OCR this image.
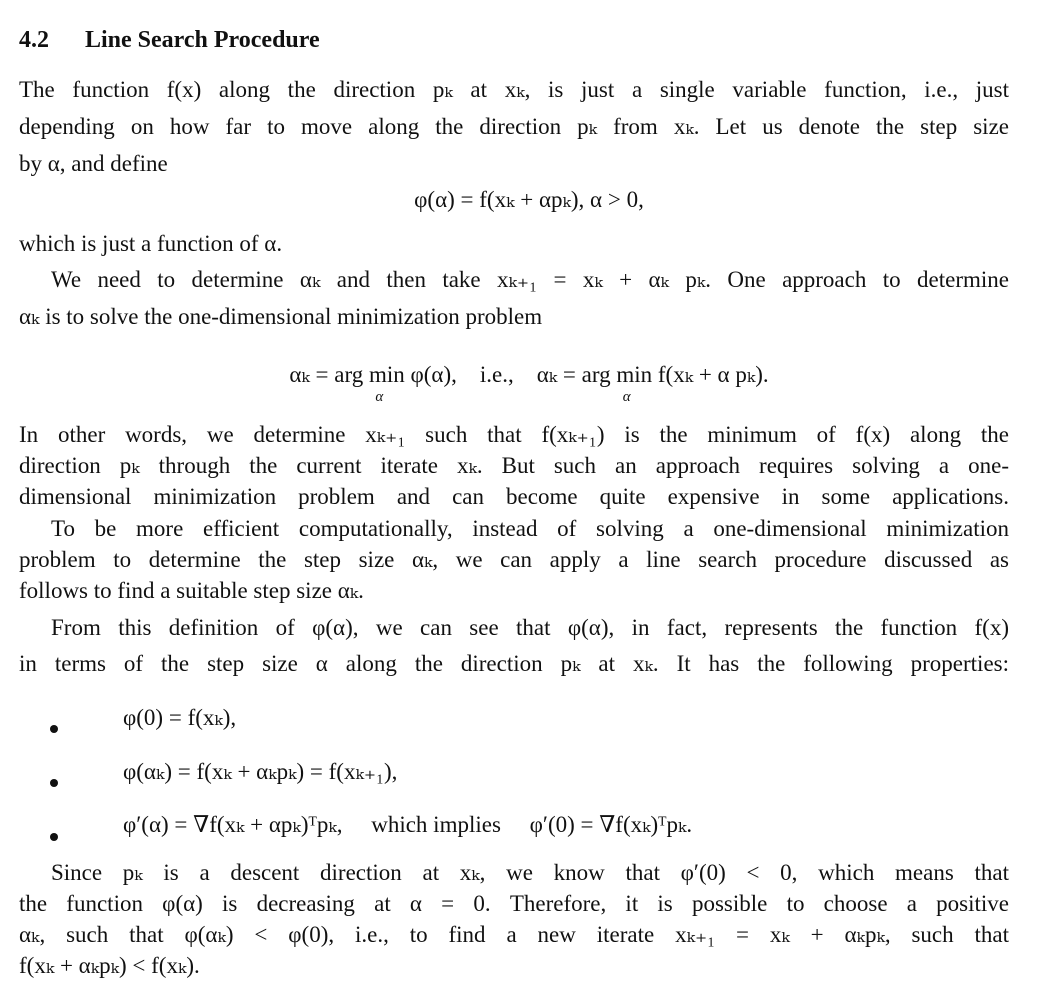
4.2 Line Search Procedure
The function f(x) along the direction pₖ at xₖ, is just a single variable function, i.e., just
depending on how far to move along the direction pₖ from xₖ. Let us denote the step size
by α, and define
φ(α) = f(xₖ + αpₖ), α > 0,
which is just a function of α.
We need to determine αₖ and then take xₖ₊₁ = xₖ + αₖ pₖ. One approach to determine
αₖ is to solve the one-dimensional minimization problem
αₖ = arg min φ(α),
α
i.e., αₖ = arg min f(xₖ + α pₖ).
α
In other words, we determine xₖ₊₁ such that f(xₖ₊₁) is the minimum of f(x) along the
direction pₖ through the current iterate xₖ. But such an approach requires solving a one-
dimensional minimization problem and can become quite expensive in some applications.
To be more efficient computationally, instead of solving a one-dimensional minimization
problem to determine the step size αₖ, we can apply a line search procedure discussed as
follows to find a suitable step size αₖ.
From this definition of φ(α), we can see that φ(α), in fact, represents the function f(x)
in terms of the step size α along the direction pₖ at xₖ. It has the following properties:
φ(0) = f(xₖ),
φ(αₖ) = f(xₖ + αₖpₖ) = f(xₖ₊₁),
φ′(α) = ∇f(xₖ + αpₖ)ᵀpₖ, which implies φ′(0) = ∇f(xₖ)ᵀpₖ.
Since pₖ is a descent direction at xₖ, we know that φ′(0) < 0, which means that
the function φ(α) is decreasing at α = 0. Therefore, it is possible to choose a positive
αₖ, such that φ(αₖ) < φ(0), i.e., to find a new iterate xₖ₊₁ = xₖ + αₖpₖ, such that
f(xₖ + αₖpₖ) < f(xₖ).
